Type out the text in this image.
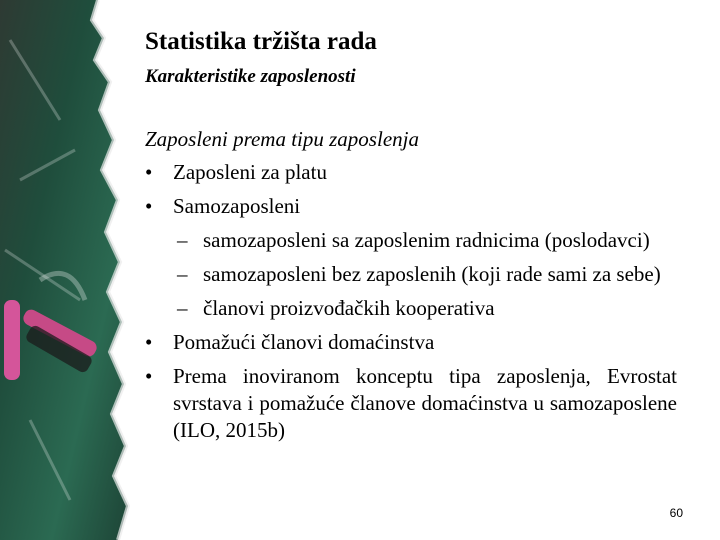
Statistika tržišta rada
Karakteristike zaposlenosti
Zaposleni prema tipu zaposlenja
• Zaposleni za platu
• Samozaposleni
– samozaposleni sa zaposlenim radnicima (poslodavci)
– samozaposleni bez zaposlenih (koji rade sami za sebe)
– članovi proizvođačkih kooperativa
• Pomažući članovi domaćinstva
• Prema inoviranom konceptu tipa zaposlenja, Evrostat svrstava i pomažuće članove domaćinstva u samozaposlene (ILO, 2015b)
60
